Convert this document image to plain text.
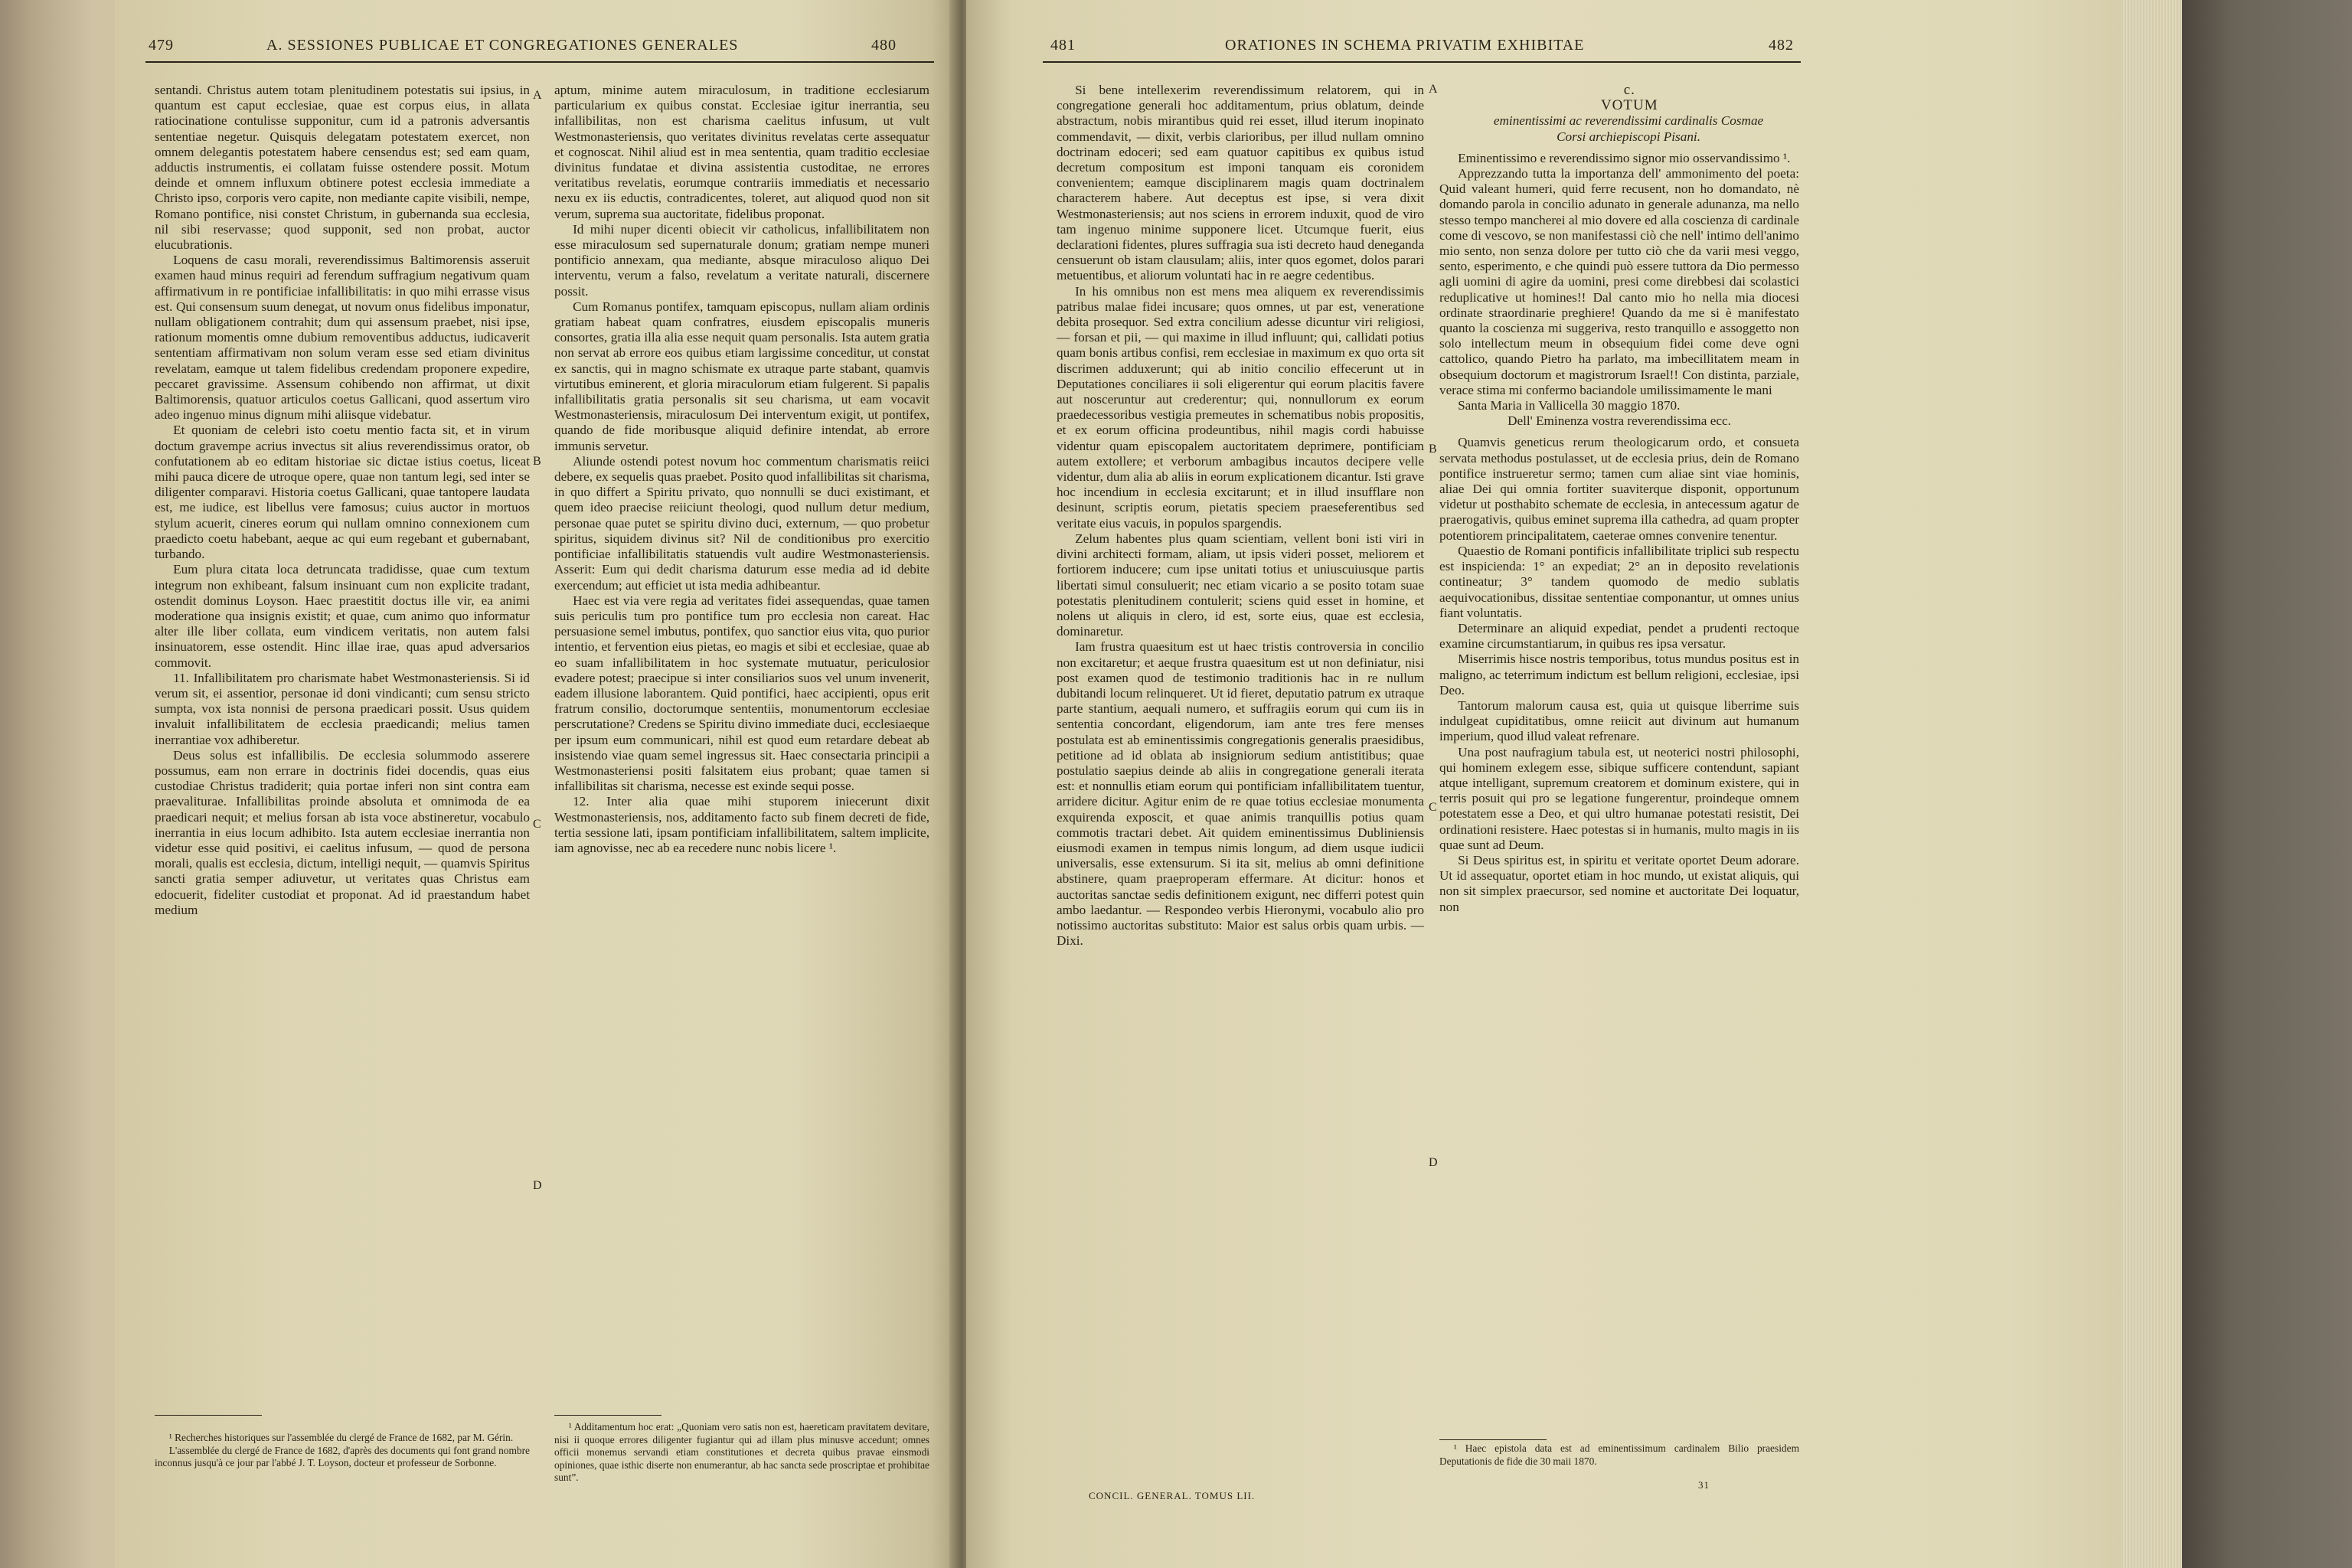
479	A. SESSIONES PUBLICAE ET CONGREGATIONES GENERALES	480

sentandi. Christus autem totam plenitudinem potestatis sui ipsius, in quantum est caput ecclesiae, quae est corpus eius, in allata ratiocinatione contulisse supponitur, cum id a patronis adversantis sententiae negetur. Quisquis delegatam potestatem exercet, non omnem delegantis potestatem habere censendus est; sed eam quam, adductis instrumentis, ei collatam fuisse ostendere possit. Motum deinde et omnem influxum obtinere potest ecclesia immediate a Christo ipso, corporis vero capite, non mediante capite visibili, nempe, Romano pontifice, nisi constet Christum, in gubernanda sua ecclesia, nil sibi reservasse; quod supponit, sed non probat, auctor elucubrationis.

Loquens de casu morali, reverendissimus Baltimorensis asseruit examen haud minus requiri ad ferendum suffragium negativum quam affirmativum in re pontificiae infallibilitatis: in quo mihi errasse visus est. Qui consensum suum denegat, ut novum onus fidelibus imponatur, nullam obligationem contrahit; dum qui assensum praebet, nisi ipse, rationum momentis omne dubium removentibus adductus, iudicaverit sententiam affirmativam non solum veram esse sed etiam divinitus revelatam, eamque ut talem fidelibus credendam proponere expedire, peccaret gravissime. Assensum cohibendo non affirmat, ut dixit Baltimorensis, quatuor articulos coetus Gallicani, quod assertum viro adeo ingenuo minus dignum mihi aliisque videbatur.

Et quoniam de celebri isto coetu mentio facta sit, et in virum doctum gravempe acrius invectus sit alius reverendissimus orator, ob confutationem ab eo editam historiae sic dictae istius coetus, liceat mihi pauca dicere de utroque opere, quae non tantum legi, sed inter se diligenter comparavi. Historia coetus Gallicani, quae tantopere laudata est, me iudice, est libellus vere famosus; cuius auctor in mortuos stylum acuerit, cineres eorum qui nullam omnino connexionem cum praedicto coetu habebant, aeque ac qui eum regebant et gubernabant, turbando.

Eum plura citata loca detruncata tradidisse, quae cum textum integrum non exhibeant, falsum insinuant cum non explicite tradant, ostendit dominus Loyson. Haec praestitit doctus ille vir, ea animi moderatione qua insignis existit; et quae, cum animo quo informatur alter ille liber collata, eum vindicem veritatis, non autem falsi insinuatorem, esse ostendit. Hinc illae irae, quas apud adversarios commovit.

11. Infallibilitatem pro charismate habet Westmonasteriensis. Si id verum sit, ei assentior, personae id doni vindicanti; cum sensu stricto sumpta, vox ista nonnisi de persona praedicari possit. Usus quidem invaluit infallibilitatem de ecclesia praedicandi; melius tamen inerrantiae vox adhiberetur.

Deus solus est infallibilis. De ecclesia solummodo asserere possumus, eam non errare in doctrinis fidei docendis, quas eius custodiae Christus tradiderit; quia portae inferi non sint contra eam praevaliturae. Infallibilitas proinde absoluta et omnimoda de ea praedicari nequit; et melius forsan ab ista voce abstineretur, vocabulo inerrantia in eius locum adhibito. Ista autem ecclesiae inerrantia non videtur esse quid positivi, ei caelitus infusum, — quod de persona morali, qualis est ecclesia, dictum, intelligi nequit, — quamvis Spiritus sancti gratia semper adiuvetur, ut veritates quas Christus eam edocuerit, fideliter custodiat et proponat. Ad id praestandum habet medium

A
B
C
D

aptum, minime autem miraculosum, in traditione ecclesiarum particularium ex quibus constat. Ecclesiae igitur inerrantia, seu infallibilitas, non est charisma caelitus infusum, ut vult Westmonasteriensis, quo veritates divinitus revelatas certe assequatur et cognoscat. Nihil aliud est in mea sententia, quam traditio ecclesiae divinitus fundatae et divina assistentia custoditae, ne errores veritatibus revelatis, eorumque contrariis immediatis et necessario nexu ex iis eductis, contradicentes, toleret, aut aliquod quod non sit verum, suprema sua auctoritate, fidelibus proponat.

Id mihi nuper dicenti obiecit vir catholicus, infallibilitatem non esse miraculosum sed supernaturale donum; gratiam nempe muneri pontificio annexam, qua mediante, absque miraculoso aliquo Dei interventu, verum a falso, revelatum a veritate naturali, discernere possit.

Cum Romanus pontifex, tamquam episcopus, nullam aliam ordinis gratiam habeat quam confratres, eiusdem episcopalis muneris consortes, gratia illa alia esse nequit quam personalis. Ista autem gratia non servat ab errore eos quibus etiam largissime conceditur, ut constat ex sanctis, qui in magno schismate ex utraque parte stabant, quamvis virtutibus eminerent, et gloria miraculorum etiam fulgerent. Si papalis infallibilitatis gratia personalis sit seu charisma, ut eam vocavit Westmonasteriensis, miraculosum Dei interventum exigit, ut pontifex, quando de fide moribusque aliquid definire intendat, ab errore immunis servetur.

Aliunde ostendi potest novum hoc commentum charismatis reiici debere, ex sequelis quas praebet. Posito quod infallibilitas sit charisma, in quo differt a Spiritu privato, quo nonnulli se duci existimant, et quem ideo praecise reiiciunt theologi, quod nullum detur medium, personae quae putet se spiritu divino duci, externum, — quo probetur spiritus, siquidem divinus sit? Nil de conditionibus pro exercitio pontificiae infallibilitatis statuendis vult audire Westmonasteriensis. Asserit: Eum qui dedit charisma daturum esse media ad id debite exercendum; aut efficiet ut ista media adhibeantur.

Haec est via vere regia ad veritates fidei assequendas, quae tamen suis periculis tum pro pontifice tum pro ecclesia non careat. Hac persuasione semel imbutus, pontifex, quo sanctior eius vita, quo purior intentio, et fervention eius pietas, eo magis et sibi et ecclesiae, quae ab eo suam infallibilitatem in hoc systemate mutuatur, periculosior evadere potest; praecipue si inter consiliarios suos vel unum invenerit, eadem illusione laborantem. Quid pontifici, haec accipienti, opus erit fratrum consilio, doctorumque sententiis, monumentorum ecclesiae perscrutatione? Credens se Spiritu divino immediate duci, ecclesiaeque per ipsum eum communicari, nihil est quod eum retardare debeat ab insistendo viae quam semel ingressus sit. Haec consectaria principii a Westmonasteriensi positi falsitatem eius probant; quae tamen si infallibilitas sit charisma, necesse est exinde sequi posse.

12. Inter alia quae mihi stuporem iniecerunt dixit Westmonasteriensis, nos, additamento facto sub finem decreti de fide, tertia sessione lati, ipsam pontificiam infallibilitatem, saltem implicite, iam agnovisse, nec ab ea recedere nunc nobis licere ¹.

¹ Recherches historiques sur l'assemblée du clergé de France de 1682, par M. Gérin.

L'assemblée du clergé de France de 1682, d'après des documents qui font grand nombre inconnus jusqu'à ce jour par l'abbé J. T. Loyson, docteur et professeur de Sorbonne.

¹ Additamentum hoc erat: „Quoniam vero satis non est, haereticam pravitatem devitare, nisi ii quoque errores diligenter fugiantur qui ad illam plus minusve accedunt; omnes officii monemus servandi etiam constitutiones et decreta quibus pravae einsmodi opiniones, quae isthic diserte non enumerantur, ab hac sancta sede proscriptae et prohibitae sunt”.

481	ORATIONES IN SCHEMA PRIVATIM EXHIBITAE	482

Si bene intellexerim reverendissimum relatorem, qui in congregatione generali hoc additamentum, prius oblatum, deinde abstractum, nobis mirantibus quid rei esset, illud iterum inopinato commendavit, — dixit, verbis clarioribus, per illud nullam omnino doctrinam edoceri; sed eam quatuor capitibus ex quibus istud decretum compositum est imponi tanquam eis coronidem convenientem; eamque disciplinarem magis quam doctrinalem characterem habere. Aut deceptus est ipse, si vera dixit Westmonasteriensis; aut nos sciens in errorem induxit, quod de viro tam ingenuo minime supponere licet. Utcumque fuerit, eius declarationi fidentes, plures suffragia sua isti decreto haud deneganda censuerunt ob istam clausulam; aliis, inter quos egomet, dolos parari metuentibus, et aliorum voluntati hac in re aegre cedentibus.

In his omnibus non est mens mea aliquem ex reverendissimis patribus malae fidei incusare; quos omnes, ut par est, veneratione debita prosequor. Sed extra concilium adesse dicuntur viri religiosi, — forsan et pii, — qui maxime in illud influunt; qui, callidati potius quam bonis artibus confisi, rem ecclesiae in maximum ex quo orta sit discrimen adduxerunt; qui ab initio concilio effecerunt ut in Deputationes conciliares ii soli eligerentur qui eorum placitis favere aut nosceruntur aut crederentur; qui, nonnullorum ex eorum praedecessoribus vestigia premeutes in schematibus nobis propositis, et ex eorum officina prodeuntibus, nihil magis cordi habuisse videntur quam episcopalem auctoritatem deprimere, pontificiam autem extollere; et verborum ambagibus incautos decipere velle videntur, dum alia ab aliis in eorum explicationem dicantur. Isti grave hoc incendium in ecclesia excitarunt; et in illud insufflare non desinunt, scriptis eorum, pietatis speciem praeseferentibus sed veritate eius vacuis, in populos spargendis.

Zelum habentes plus quam scientiam, vellent boni isti viri in divini architecti formam, aliam, ut ipsis videri posset, meliorem et fortiorem inducere; cum ipse unitati totius et uniuscuiusque partis libertati simul consuluerit; nec etiam vicario a se posito totam suae potestatis plenitudinem contulerit; sciens quid esset in homine, et nolens ut aliquis in clero, id est, sorte eius, quae est ecclesia, dominaretur.

Iam frustra quaesitum est ut haec tristis controversia in concilio non excitaretur; et aeque frustra quaesitum est ut non definiatur, nisi post examen quod de testimonio traditionis hac in re nullum dubitandi locum relinqueret. Ut id fieret, deputatio patrum ex utraque parte stantium, aequali numero, et suffragiis eorum qui cum iis in sententia concordant, eligendorum, iam ante tres fere menses postulata est ab eminentissimis congregationis generalis praesidibus, petitione ad id oblata ab insigniorum sedium antistitibus; quae postulatio saepius deinde ab aliis in congregatione generali iterata est: et nonnullis etiam eorum qui pontificiam infallibilitatem tuentur, arridere dicitur. Agitur enim de re quae totius ecclesiae monumenta exquirenda exposcit, et quae animis tranquillis potius quam commotis tractari debet. Ait quidem eminentissimus Dubliniensis eiusmodi examen in tempus nimis longum, ad diem usque iudicii universalis, esse extensurum. Si ita sit, melius ab omni definitione abstinere, quam praeproperam effermare. At dicitur: honos et auctoritas sanctae sedis definitionem exigunt, nec differri potest quin ambo laedantur. — Respondeo verbis Hieronymi, vocabulo alio pro notissimo auctoritas substituto: Maior est salus orbis quam urbis. — Dixi.

A
B
C
D

c.

VOTUM

eminentissimi ac reverendissimi cardinalis Cosmae

Corsi archiepiscopi Pisani.

Eminentissimo e reverendissimo signor mio osservandissimo ¹.

Apprezzando tutta la importanza dell' ammonimento del poeta: Quid valeant humeri, quid ferre recusent, non ho domandato, nè domando parola in concilio adunato in generale adunanza, ma nello stesso tempo mancherei al mio dovere ed alla coscienza di cardinale come di vescovo, se non manifestassi ciò che nell' intimo dell'animo mio sento, non senza dolore per tutto ciò che da varii mesi veggo, sento, esperimento, e che quindi può essere tuttora da Dio permesso agli uomini di agire da uomini, presi come direbbesi dai scolastici reduplicative ut homines!! Dal canto mio ho nella mia diocesi ordinate straordinarie preghiere! Quando da me si è manifestato quanto la coscienza mi suggeriva, resto tranquillo e assoggetto non solo intellectum meum in obsequium fidei come deve ogni cattolico, quando Pietro ha parlato, ma imbecillitatem meam in obsequium doctorum et magistrorum Israel!! Con distinta, parziale, verace stima mi confermo baciandole umilissimamente le mani

Santa Maria in Vallicella 30 maggio 1870.

Dell' Eminenza vostra reverendissima ecc.

Quamvis geneticus rerum theologicarum ordo, et consueta servata methodus postulasset, ut de ecclesia prius, dein de Romano pontifice instrueretur sermo; tamen cum aliae sint viae hominis, aliae Dei qui omnia fortiter suaviterque disponit, opportunum videtur ut posthabito schemate de ecclesia, in antecessum agatur de praerogativis, quibus eminet suprema illa cathedra, ad quam propter potentiorem principalitatem, caeterae omnes convenire tenentur.

Quaestio de Romani pontificis infallibilitate triplici sub respectu est inspicienda: 1° an expediat; 2° an in deposito revelationis contineatur; 3° tandem quomodo de medio sublatis aequivocationibus, dissitae sententiae componantur, ut omnes unius fiant voluntatis.

Determinare an aliquid expediat, pendet a prudenti rectoque examine circumstantiarum, in quibus res ipsa versatur.

Miserrimis hisce nostris temporibus, totus mundus positus est in maligno, ac teterrimum indictum est bellum religioni, ecclesiae, ipsi Deo.

Tantorum malorum causa est, quia ut quisque liberrime suis indulgeat cupiditatibus, omne reiicit aut divinum aut humanum imperium, quod illud valeat refrenare.

Una post naufragium tabula est, ut neoterici nostri philosophi, qui hominem exlegem esse, sibique sufficere contendunt, sapiant atque intelligant, supremum creatorem et dominum existere, qui in terris posuit qui pro se legatione fungerentur, proindeque omnem potestatem esse a Deo, et qui ultro humanae potestati resistit, Dei ordinationi resistere. Haec potestas si in humanis, multo magis in iis quae sunt ad Deum.

Si Deus spiritus est, in spiritu et veritate oportet Deum adorare. Ut id assequatur, oportet etiam in hoc mundo, ut existat aliquis, qui non sit simplex praecursor, sed nomine et auctoritate Dei loquatur, non

¹ Haec epistola data est ad eminentissimum cardinalem Bilio praesidem Deputationis de fide die 30 maii 1870.

CONCIL. GENERAL. TOMUS LII.
31
